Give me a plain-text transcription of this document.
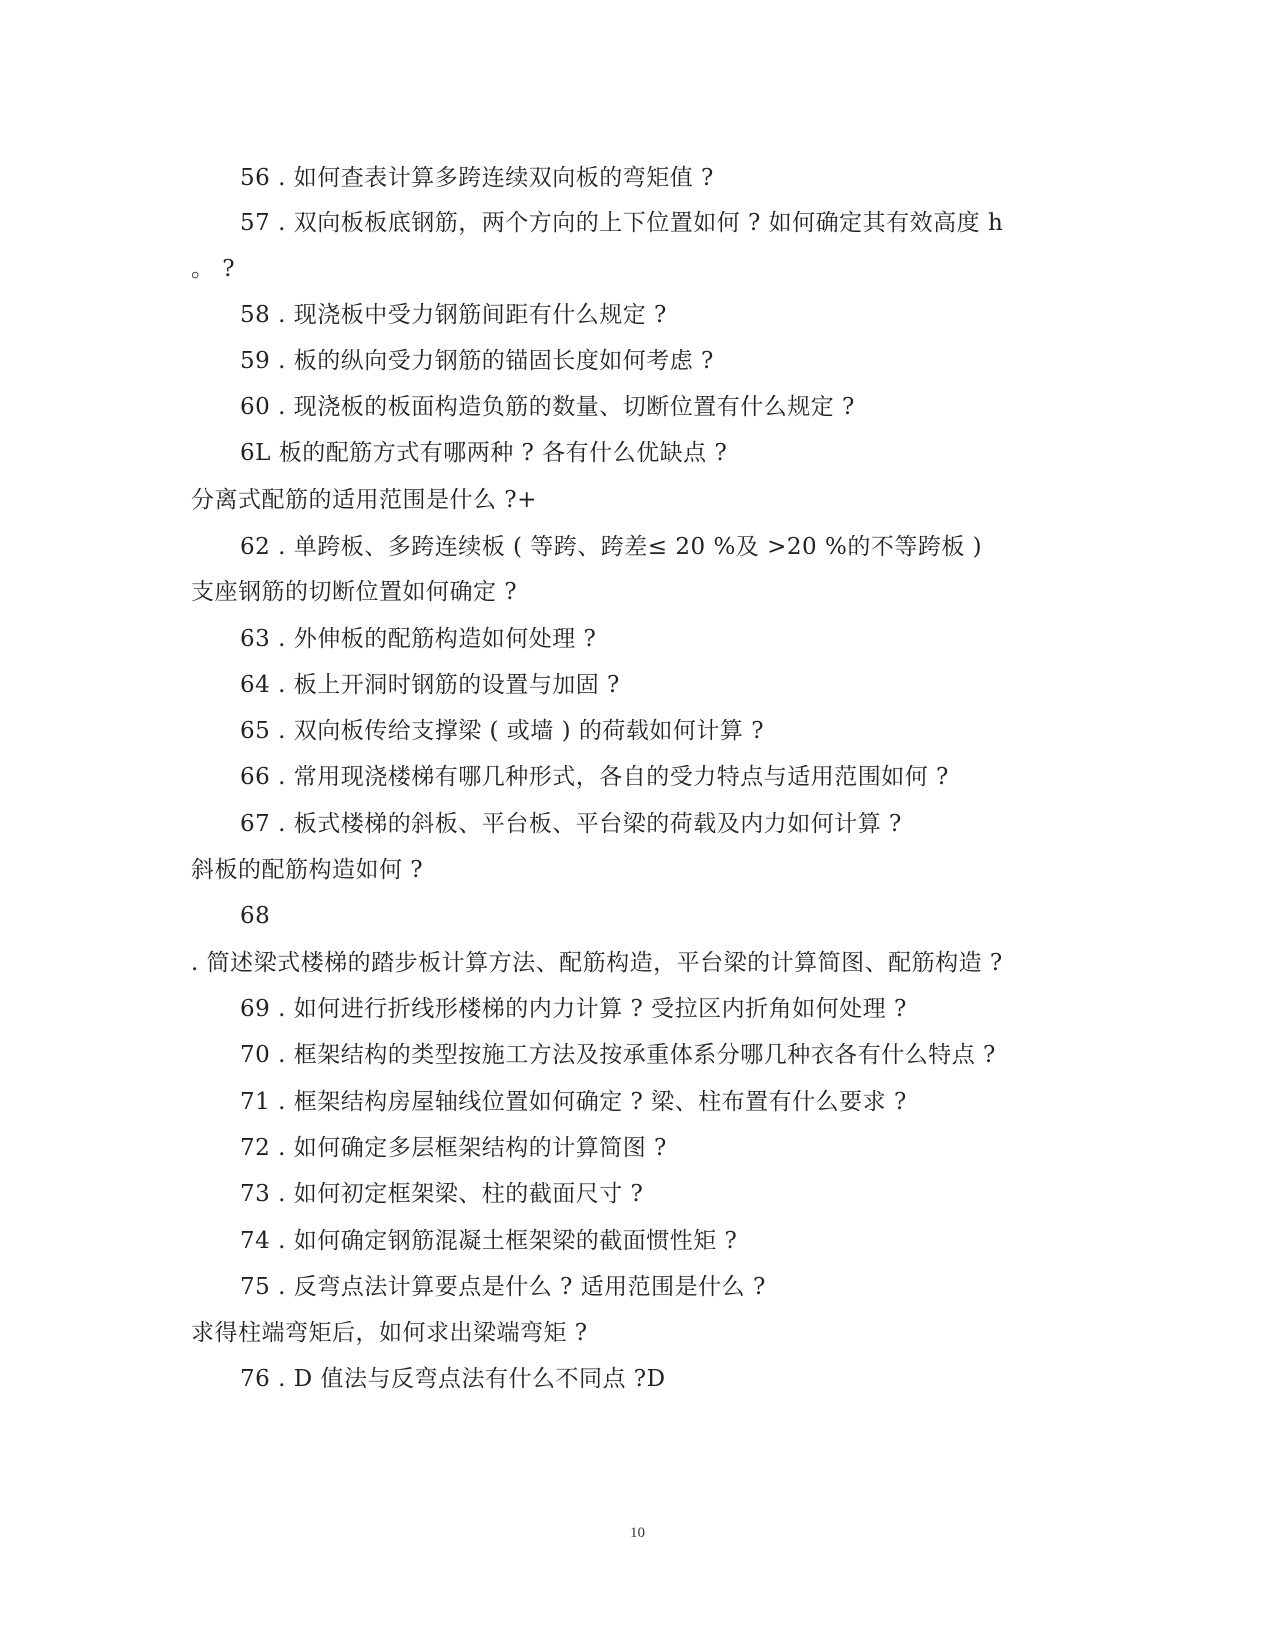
56 . 如何查表计算多跨连续双向板的弯矩值 ?
57 . 双向板板底钢筋，两个方向的上下位置如何 ? 如何确定其有效高度 h
。 ?
58 . 现浇板中受力钢筋间距有什么规定 ?
59 . 板的纵向受力钢筋的锚固长度如何考虑 ?
60 . 现浇板的板面构造负筋的数量、切断位置有什么规定 ?
6L 板的配筋方式有哪两种 ? 各有什么优缺点 ?
分离式配筋的适用范围是什么 ?+
62 . 单跨板、多跨连续板 ( 等跨、跨差≤ 20 %及 >20 %的不等跨板 )
支座钢筋的切断位置如何确定 ?
63 . 外伸板的配筋构造如何处理 ?
64 . 板上开洞时钢筋的设置与加固 ?
65 . 双向板传给支撑梁 ( 或墙 ) 的荷载如何计算 ?
66 . 常用现浇楼梯有哪几种形式，各自的受力特点与适用范围如何 ?
67 . 板式楼梯的斜板、平台板、平台梁的荷载及内力如何计算 ?
斜板的配筋构造如何 ?
68
. 简述梁式楼梯的踏步板计算方法、配筋构造，平台梁的计算简图、配筋构造 ?
69 . 如何进行折线形楼梯的内力计算 ? 受拉区内折角如何处理 ?
70 . 框架结构的类型按施工方法及按承重体系分哪几种衣各有什么特点 ?
71 . 框架结构房屋轴线位置如何确定 ? 梁、柱布置有什么要求 ?
72 . 如何确定多层框架结构的计算简图 ?
73 . 如何初定框架梁、柱的截面尺寸 ?
74 . 如何确定钢筋混凝土框架梁的截面惯性矩 ?
75 . 反弯点法计算要点是什么 ? 适用范围是什么 ?
求得柱端弯矩后，如何求出梁端弯矩 ?
76 . D 值法与反弯点法有什么不同点 ?D
10
